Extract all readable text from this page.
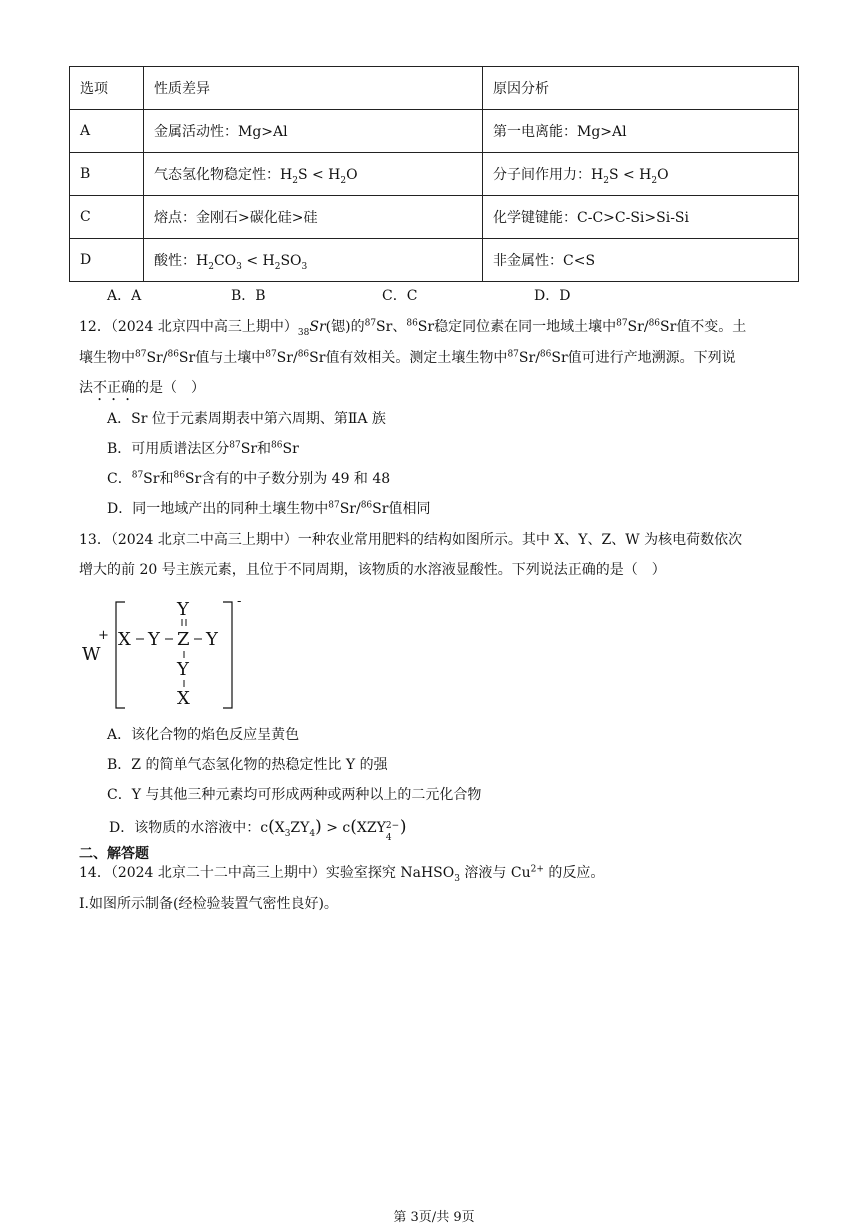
选项	性质差异	原因分析
A	金属活动性：Mg>Al	第一电离能：Mg>Al
B	气态氢化物稳定性：$H_2S < H_2O$	分子间作用力：$H_2S < H_2O$
C	熔点：金刚石>碳化硅>硅	化学键键能：C-C>C-Si>Si-Si
D	酸性：$H_2CO_3 < H_2SO_3$	非金属性：C<S
A．A	B．B	C．C	D．D
12．（2024 北京四中高三上期中）$_{38}Sr$(锶)的$^{87}$Sr、$^{86}$Sr稳定同位素在同一地域土壤中$^{87}$Sr/$^{86}$Sr值不变。土
壤生物中$^{87}$Sr/$^{86}$Sr值与土壤中$^{87}$Sr/$^{86}$Sr值有效相关。测定土壤生物中$^{87}$Sr/$^{86}$Sr值可进行产地溯源。下列说
法不正确的是（　）
A．Sr 位于元素周期表中第六周期、第ⅡA 族
B．可用质谱法区分$^{87}$Sr和$^{86}$Sr
C．$^{87}$Sr和$^{86}$Sr含有的中子数分别为 49 和 48
D．同一地域产出的同种土壤生物中$^{87}$Sr/$^{86}$Sr值相同
13．（2024 北京二中高三上期中）一种农业常用肥料的结构如图所示。其中 X、Y、Z、W 为核电荷数依次
增大的前 20 号主族元素，且位于不同周期，该物质的水溶液显酸性。下列说法正确的是（　）
W
+
-
Y
X Y Z Y
Y
X
A．该化合物的焰色反应呈黄色
B．Z 的简单气态氢化物的热稳定性比 Y 的强
C．Y 与其他三种元素均可形成两种或两种以上的二元化合物
D．该物质的水溶液中：$c(X_3ZY_4) > c(XZY$ 2−
4
)
二、解答题
14．（2024 北京二十二中高三上期中）实验室探究 NaHSO$_3$ 溶液与 $Cu^{2+}$ 的反应。
Ⅰ.如图所示制备(经检验装置气密性良好)。
第 3页/共 9页
